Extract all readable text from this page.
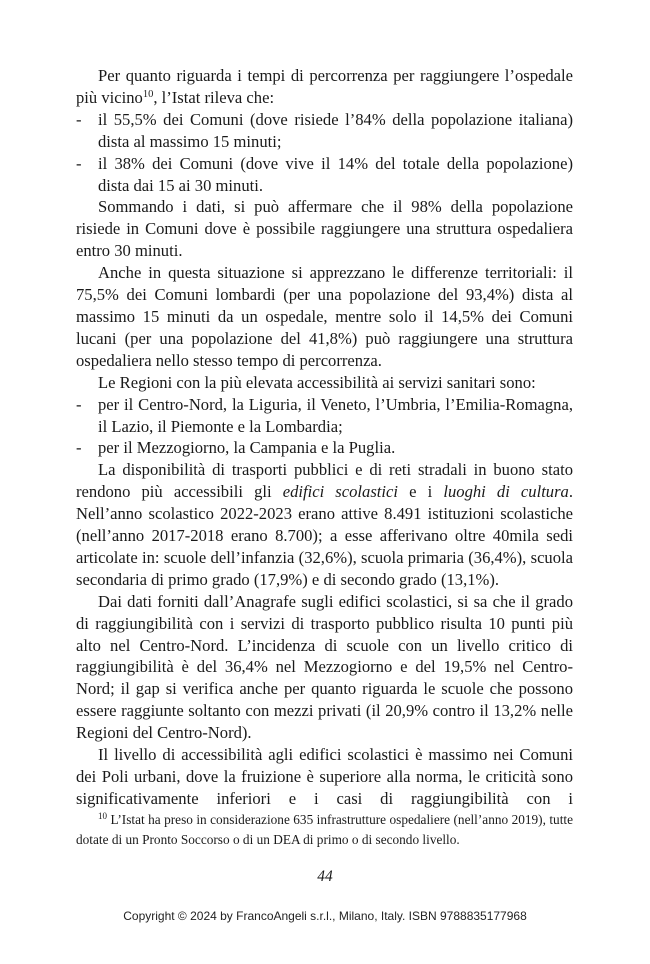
Per quanto riguarda i tempi di percorrenza per raggiungere l’ospedale più vicino$^{10}$, l’Istat rileva che:

- il 55,5% dei Comuni (dove risiede l’84% della popolazione italiana) dista al massimo 15 minuti;

- il 38% dei Comuni (dove vive il 14% del totale della popolazione) dista dai 15 ai 30 minuti.

Sommando i dati, si può affermare che il 98% della popolazione risiede in Comuni dove è possibile raggiungere una struttura ospedaliera entro 30 minuti.

Anche in questa situazione si apprezzano le differenze territoriali: il 75,5% dei Comuni lombardi (per una popolazione del 93,4%) dista al massimo 15 minuti da un ospedale, mentre solo il 14,5% dei Comuni lucani (per una popolazione del 41,8%) può raggiungere una struttura ospedaliera nello stesso tempo di percorrenza.

Le Regioni con la più elevata accessibilità ai servizi sanitari sono:

- per il Centro-Nord, la Liguria, il Veneto, l’Umbria, l’Emilia-Romagna, il Lazio, il Piemonte e la Lombardia;

- per il Mezzogiorno, la Campania e la Puglia.

La disponibilità di trasporti pubblici e di reti stradali in buono stato rendono più accessibili gli edifici scolastici e i luoghi di cultura. Nell’anno scolastico 2022-2023 erano attive 8.491 istituzioni scolastiche (nell’anno 2017-2018 erano 8.700); a esse afferivano oltre 40mila sedi articolate in: scuole dell’infanzia (32,6%), scuola primaria (36,4%), scuola secondaria di primo grado (17,9%) e di secondo grado (13,1%).

Dai dati forniti dall’Anagrafe sugli edifici scolastici, si sa che il grado di raggiungibilità con i servizi di trasporto pubblico risulta 10 punti più alto nel Centro-Nord. L’incidenza di scuole con un livello critico di raggiungibilità è del 36,4% nel Mezzogiorno e del 19,5% nel Centro-Nord; il gap si verifica anche per quanto riguarda le scuole che possono essere raggiunte soltanto con mezzi privati (il 20,9% contro il 13,2% nelle Regioni del Centro-Nord).

Il livello di accessibilità agli edifici scolastici è massimo nei Comuni dei Poli urbani, dove la fruizione è superiore alla norma, le criticità sono significativamente inferiori e i casi di raggiungibilità con i

$^{10}$ L’Istat ha preso in considerazione 635 infrastrutture ospedaliere (nell’anno 2019), tutte dotate di un Pronto Soccorso o di un DEA di primo o di secondo livello.

44
Copyright © 2024 by FrancoAngeli s.r.l., Milano, Italy. ISBN 9788835177968
